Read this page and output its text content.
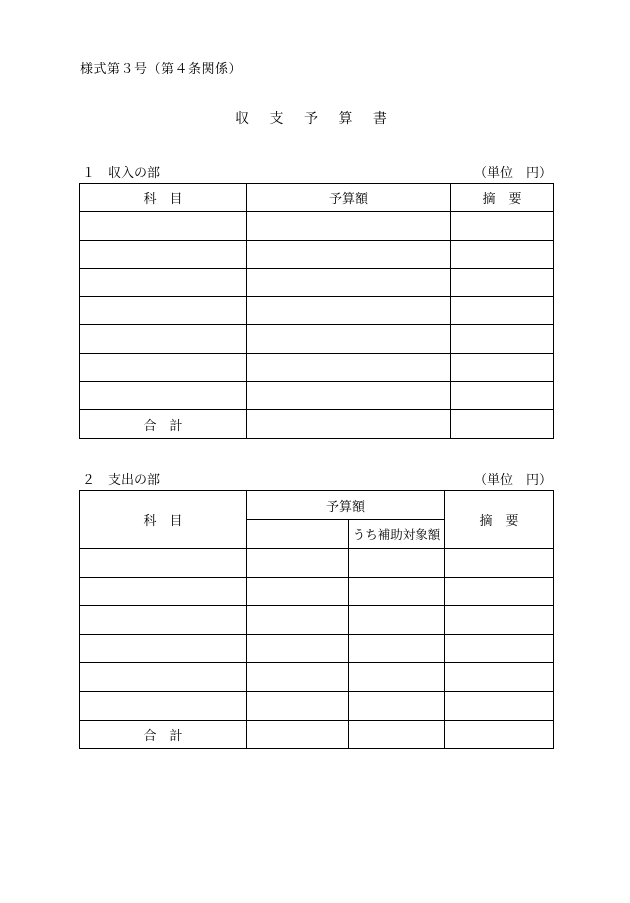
様式第３号（第４条関係）
収 支 予 算 書
１　収入の部	（単位　円）
科　目	予算額	摘　要

合　計		
２　支出の部	（単位　円）
科　目	予算額		摘　要
		うち補助対象額	

合　計			
